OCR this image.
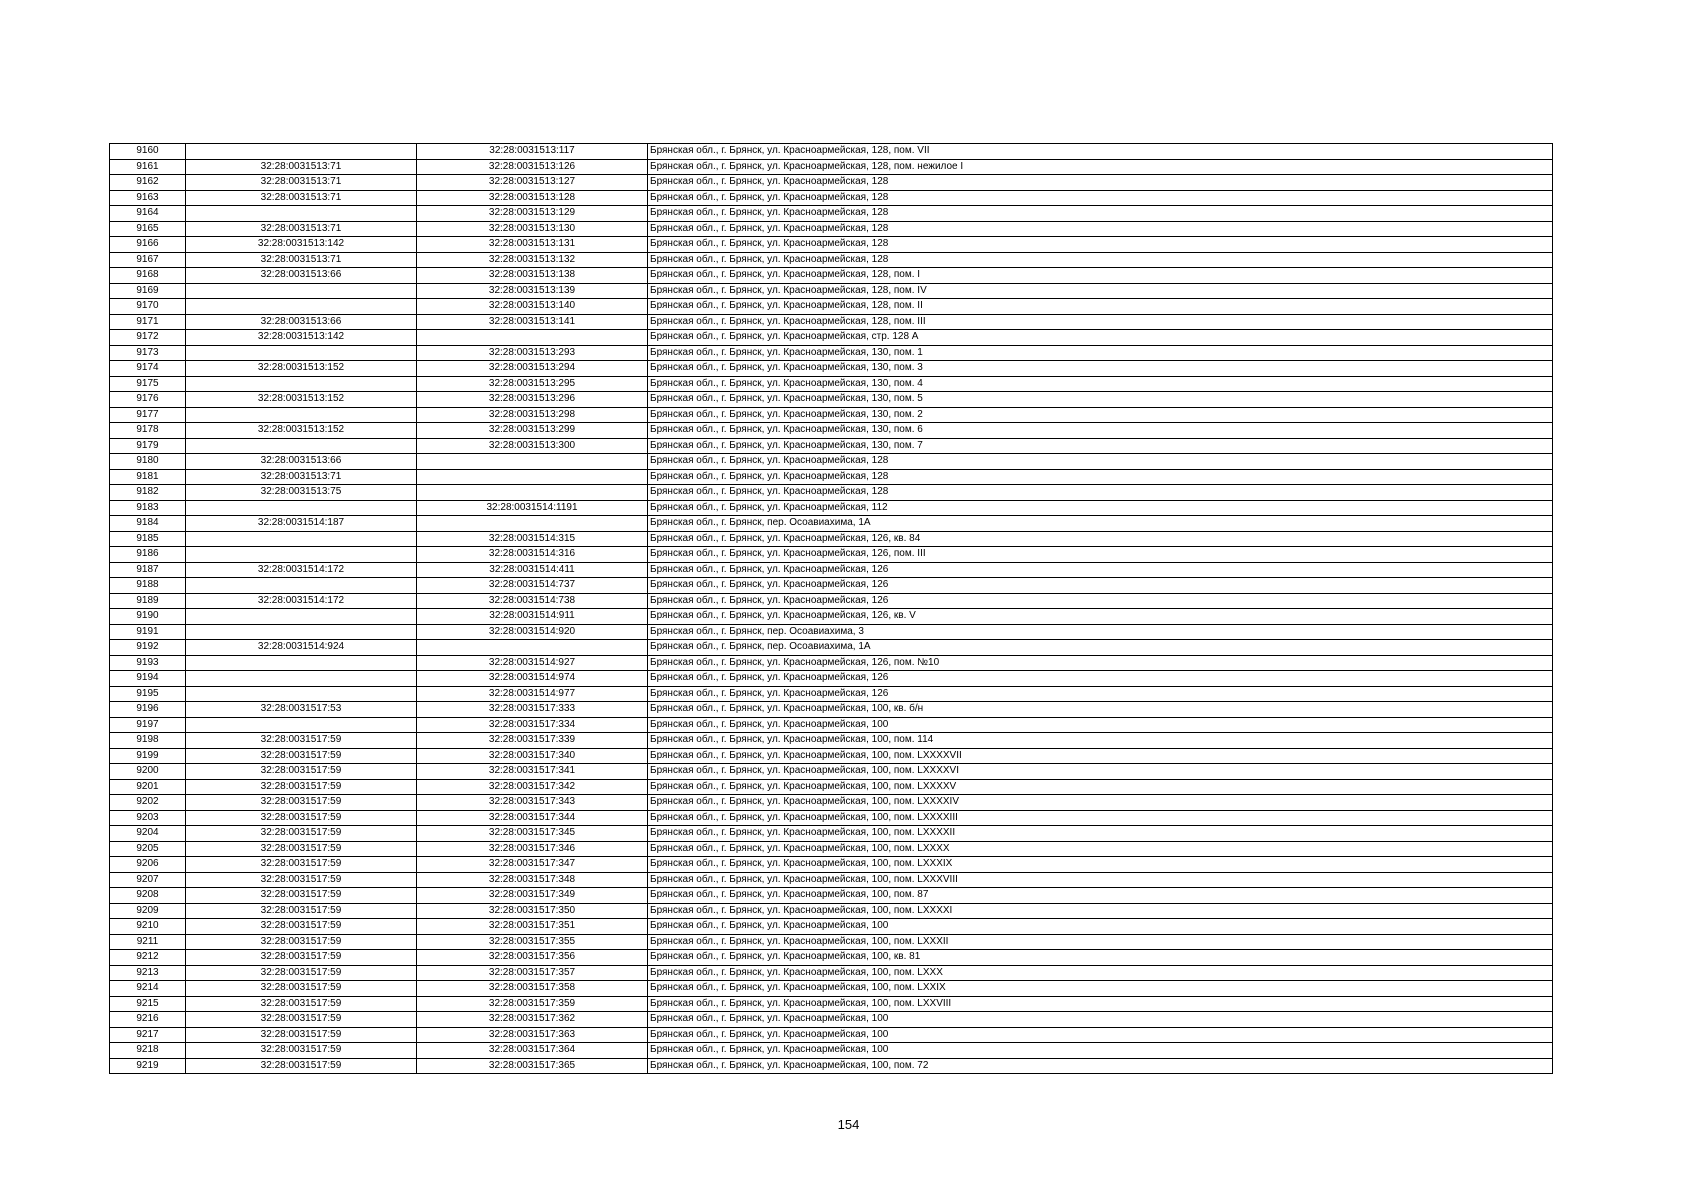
9160		32:28:0031513:117	Брянская обл., г. Брянск, ул. Красноармейская, 128, пом. VII
9161	32:28:0031513:71	32:28:0031513:126	Брянская обл., г. Брянск, ул. Красноармейская, 128, пом. нежилое I
9162	32:28:0031513:71	32:28:0031513:127	Брянская обл., г. Брянск, ул. Красноармейская, 128
9163	32:28:0031513:71	32:28:0031513:128	Брянская обл., г. Брянск, ул. Красноармейская, 128
9164		32:28:0031513:129	Брянская обл., г. Брянск, ул. Красноармейская, 128
9165	32:28:0031513:71	32:28:0031513:130	Брянская обл., г. Брянск, ул. Красноармейская, 128
9166	32:28:0031513:142	32:28:0031513:131	Брянская обл., г. Брянск, ул. Красноармейская, 128
9167	32:28:0031513:71	32:28:0031513:132	Брянская обл., г. Брянск, ул. Красноармейская, 128
9168	32:28:0031513:66	32:28:0031513:138	Брянская обл., г. Брянск, ул. Красноармейская, 128, пом. I
9169		32:28:0031513:139	Брянская обл., г. Брянск, ул. Красноармейская, 128, пом. IV
9170		32:28:0031513:140	Брянская обл., г. Брянск, ул. Красноармейская, 128, пом. II
9171	32:28:0031513:66	32:28:0031513:141	Брянская обл., г. Брянск, ул. Красноармейская, 128, пом. III
9172	32:28:0031513:142		Брянская обл., г. Брянск, ул. Красноармейская, стр. 128 А
9173		32:28:0031513:293	Брянская обл., г. Брянск, ул. Красноармейская, 130, пом. 1
9174	32:28:0031513:152	32:28:0031513:294	Брянская обл., г. Брянск, ул. Красноармейская, 130, пом. 3
9175		32:28:0031513:295	Брянская обл., г. Брянск, ул. Красноармейская, 130, пом. 4
9176	32:28:0031513:152	32:28:0031513:296	Брянская обл., г. Брянск, ул. Красноармейская, 130, пом. 5
9177		32:28:0031513:298	Брянская обл., г. Брянск, ул. Красноармейская, 130, пом. 2
9178	32:28:0031513:152	32:28:0031513:299	Брянская обл., г. Брянск, ул. Красноармейская, 130, пом. 6
9179		32:28:0031513:300	Брянская обл., г. Брянск, ул. Красноармейская, 130, пом. 7
9180	32:28:0031513:66		Брянская обл., г. Брянск, ул. Красноармейская, 128
9181	32:28:0031513:71		Брянская обл., г. Брянск, ул. Красноармейская, 128
9182	32:28:0031513:75		Брянская обл., г. Брянск, ул. Красноармейская, 128
9183		32:28:0031514:1191	Брянская обл., г. Брянск, ул. Красноармейская, 112
9184	32:28:0031514:187		Брянская обл., г. Брянск, пер. Осоавиахима, 1А
9185		32:28:0031514:315	Брянская обл., г. Брянск, ул. Красноармейская, 126, кв. 84
9186		32:28:0031514:316	Брянская обл., г. Брянск, ул. Красноармейская, 126, пом. III
9187	32:28:0031514:172	32:28:0031514:411	Брянская обл., г. Брянск, ул. Красноармейская, 126
9188		32:28:0031514:737	Брянская обл., г. Брянск, ул. Красноармейская, 126
9189	32:28:0031514:172	32:28:0031514:738	Брянская обл., г. Брянск, ул. Красноармейская, 126
9190		32:28:0031514:911	Брянская обл., г. Брянск, ул. Красноармейская, 126, кв. V
9191		32:28:0031514:920	Брянская обл., г. Брянск, пер. Осоавиахима, 3
9192	32:28:0031514:924		Брянская обл., г. Брянск, пер. Осоавиахима, 1А
9193		32:28:0031514:927	Брянская обл., г. Брянск, ул. Красноармейская, 126, пом. №10
9194		32:28:0031514:974	Брянская обл., г. Брянск, ул. Красноармейская, 126
9195		32:28:0031514:977	Брянская обл., г. Брянск, ул. Красноармейская, 126
9196	32:28:0031517:53	32:28:0031517:333	Брянская обл., г. Брянск, ул. Красноармейская, 100, кв. б/н
9197		32:28:0031517:334	Брянская обл., г. Брянск, ул. Красноармейская, 100
9198	32:28:0031517:59	32:28:0031517:339	Брянская обл., г. Брянск, ул. Красноармейская, 100, пом. 114
9199	32:28:0031517:59	32:28:0031517:340	Брянская обл., г. Брянск, ул. Красноармейская, 100, пом. LXXXXVII
9200	32:28:0031517:59	32:28:0031517:341	Брянская обл., г. Брянск, ул. Красноармейская, 100, пом. LXXXXVI
9201	32:28:0031517:59	32:28:0031517:342	Брянская обл., г. Брянск, ул. Красноармейская, 100, пом. LXXXXV
9202	32:28:0031517:59	32:28:0031517:343	Брянская обл., г. Брянск, ул. Красноармейская, 100, пом. LXXXXIV
9203	32:28:0031517:59	32:28:0031517:344	Брянская обл., г. Брянск, ул. Красноармейская, 100, пом. LXXXXIII
9204	32:28:0031517:59	32:28:0031517:345	Брянская обл., г. Брянск, ул. Красноармейская, 100, пом. LXXXXII
9205	32:28:0031517:59	32:28:0031517:346	Брянская обл., г. Брянск, ул. Красноармейская, 100, пом. LXXXX
9206	32:28:0031517:59	32:28:0031517:347	Брянская обл., г. Брянск, ул. Красноармейская, 100, пом. LXXXIX
9207	32:28:0031517:59	32:28:0031517:348	Брянская обл., г. Брянск, ул. Красноармейская, 100, пом. LXXXVIII
9208	32:28:0031517:59	32:28:0031517:349	Брянская обл., г. Брянск, ул. Красноармейская, 100, пом. 87
9209	32:28:0031517:59	32:28:0031517:350	Брянская обл., г. Брянск, ул. Красноармейская, 100, пом. LXXXXI
9210	32:28:0031517:59	32:28:0031517:351	Брянская обл., г. Брянск, ул. Красноармейская, 100
9211	32:28:0031517:59	32:28:0031517:355	Брянская обл., г. Брянск, ул. Красноармейская, 100, пом. LXXXII
9212	32:28:0031517:59	32:28:0031517:356	Брянская обл., г. Брянск, ул. Красноармейская, 100, кв. 81
9213	32:28:0031517:59	32:28:0031517:357	Брянская обл., г. Брянск, ул. Красноармейская, 100, пом. LXXX
9214	32:28:0031517:59	32:28:0031517:358	Брянская обл., г. Брянск, ул. Красноармейская, 100, пом. LXXIX
9215	32:28:0031517:59	32:28:0031517:359	Брянская обл., г. Брянск, ул. Красноармейская, 100, пом. LXXVIII
9216	32:28:0031517:59	32:28:0031517:362	Брянская обл., г. Брянск, ул. Красноармейская, 100
9217	32:28:0031517:59	32:28:0031517:363	Брянская обл., г. Брянск, ул. Красноармейская, 100
9218	32:28:0031517:59	32:28:0031517:364	Брянская обл., г. Брянск, ул. Красноармейская, 100
9219	32:28:0031517:59	32:28:0031517:365	Брянская обл., г. Брянск, ул. Красноармейская, 100, пом. 72
154
